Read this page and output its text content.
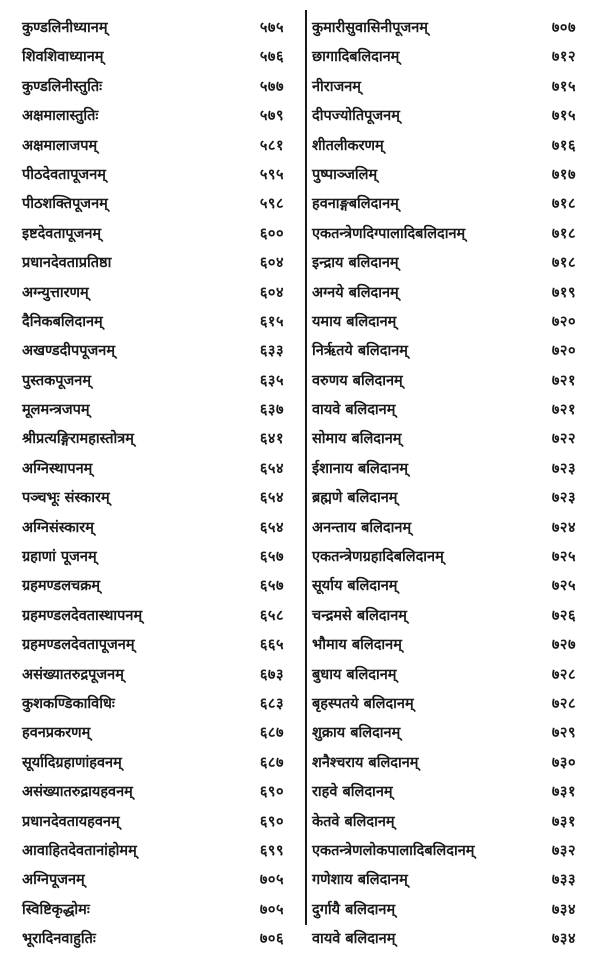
कुण्डलिनीध्यानम्	५७५
शिवशिवाध्यानम्	५७६
कुण्डलिनीस्तुतिः	५७७
अक्षमालास्तुतिः	५७९
अक्षमालाजपम्	५८१
पीठदेवतापूजनम्	५९५
पीठशक्तिपूजनम्	५९८
इष्टदेवतापूजनम्	६००
प्रधानदेवताप्रतिष्ठा	६०४
अग्न्युत्तारणम्	६०४
दैनिकबलिदानम्	६१५
अखण्डदीपपूजनम्	६३३
पुस्तकपूजनम्	६३५
मूलमन्त्रजपम्	६३७
श्रीप्रत्यङ्गिरामहास्तोत्रम्	६४१
अग्निस्थापनम्	६५४
पञ्चभूः संस्कारम्	६५४
अग्निसंस्कारम्	६५४
ग्रहाणां पूजनम्	६५७
ग्रहमण्डलचक्रम्	६५७
ग्रहमण्डलदेवतास्थापनम्	६५८
ग्रहमण्डलदेवतापूजनम्	६६५
असंख्यातरुद्रपूजनम्	६७३
कुशकण्डिकाविधिः	६८३
हवनप्रकरणम्	६८७
सूर्यादिग्रहाणांहवनम्	६८७
असंख्यातरुद्रायहवनम्	६९०
प्रधानदेवतायहवनम्	६९०
आवाहितदेवतानांहोमम्	६९९
अग्निपूजनम्	७०५
स्विष्टिकृद्धोमः	७०५
भूरादिनवाहुतिः	७०६
कुमारीसुवासिनीपूजनम्	७०७
छागादिबलिदानम्	७१२
नीराजनम्	७१५
दीपज्योतिपूजनम्	७१५
शीतलीकरणम्	७१६
पुष्पाञ्जलिम्	७१७
हवनाङ्गबलिदानम्	७१८
एकतन्त्रेणदिग्पालादिबलिदानम्	७१८
इन्द्राय बलिदानम्	७१८
अग्नये बलिदानम्	७१९
यमाय बलिदानम्	७२०
निर्ऋतये बलिदानम्	७२०
वरुणय बलिदानम्	७२१
वायवे बलिदानम्	७२१
सोमाय बलिदानम्	७२२
ईशानाय बलिदानम्	७२३
ब्रह्मणे बलिदानम्	७२३
अनन्ताय बलिदानम्	७२४
एकतन्त्रेणग्रहादिबलिदानम्	७२५
सूर्याय बलिदानम्	७२५
चन्द्रमसे बलिदानम्	७२६
भौमाय बलिदानम्	७२७
बुधाय बलिदानम्	७२८
बृहस्पतये बलिदानम्	७२८
शुक्राय बलिदानम्	७२९
शनैश्चराय बलिदानम्	७३०
राहवे बलिदानम्	७३१
केतवे बलिदानम्	७३१
एकतन्त्रेणलोकपालादिबलिदानम्	७३२
गणेशाय बलिदानम्	७३३
दुर्गायै बलिदानम्	७३४
वायवे बलिदानम्	७३४
